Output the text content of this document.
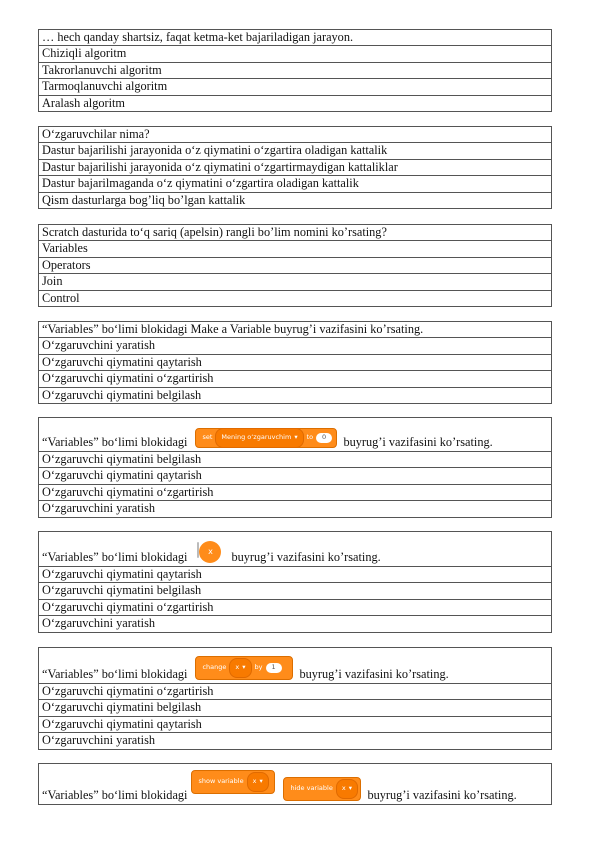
… hech qanday shartsiz, faqat ketma-ket bajariladigan jarayon.
Chiziqli algoritm
Takrorlanuvchi algoritm
Tarmoqlanuvchi algoritm
Aralash algoritm
O‘zgaruvchilar nima?
Dastur bajarilishi jarayonida o‘z qiymatini o‘zgartira oladigan kattalik
Dastur bajarilishi jarayonida o‘z qiymatini o‘zgartirmaydigan kattaliklar
Dastur bajarilmaganda o‘z qiymatini o‘zgartira oladigan kattalik
Qism dasturlarga bog’liq bo’lgan kattalik
Scratch dasturida to‘q sariq (apelsin) rangli bo’lim nomini ko’rsating?
Variables
Operators
Join
Control
“Variables” bo‘limi blokidagi Make a Variable buyrug’i vazifasini ko’rsating.
O‘zgaruvchini yaratish
O‘zgaruvchi qiymatini qaytarish
O‘zgaruvchi qiymatini o‘zgartirish
O‘zgaruvchi qiymatini belgilash
“Variables” bo‘limi blokidagi set Mening o‘zgaruvchim ▾ to	0	buyrug’i vazifasini ko’rsating.
O‘zgaruvchi qiymatini belgilash
O‘zgaruvchi qiymatini qaytarish
O‘zgaruvchi qiymatini o‘zgartirish
O‘zgaruvchini yaratish
“Variables” bo‘limi blokidagi	x	buyrug’i vazifasini ko’rsating.
O‘zgaruvchi qiymatini qaytarish
O‘zgaruvchi qiymatini belgilash
O‘zgaruvchi qiymatini o‘zgartirish
O‘zgaruvchini yaratish
“Variables” bo‘limi blokidagi change x ▾ by	1	buyrug’i vazifasini ko’rsating.
O‘zgaruvchi qiymatini o‘zgartirish
O‘zgaruvchi qiymatini belgilash
O‘zgaruvchi qiymatini qaytarish
O‘zgaruvchini yaratish
“Variables” bo‘limi blokidagi
show variable x ▾
hide variable x ▾ buyrug’i vazifasini ko’rsating.
